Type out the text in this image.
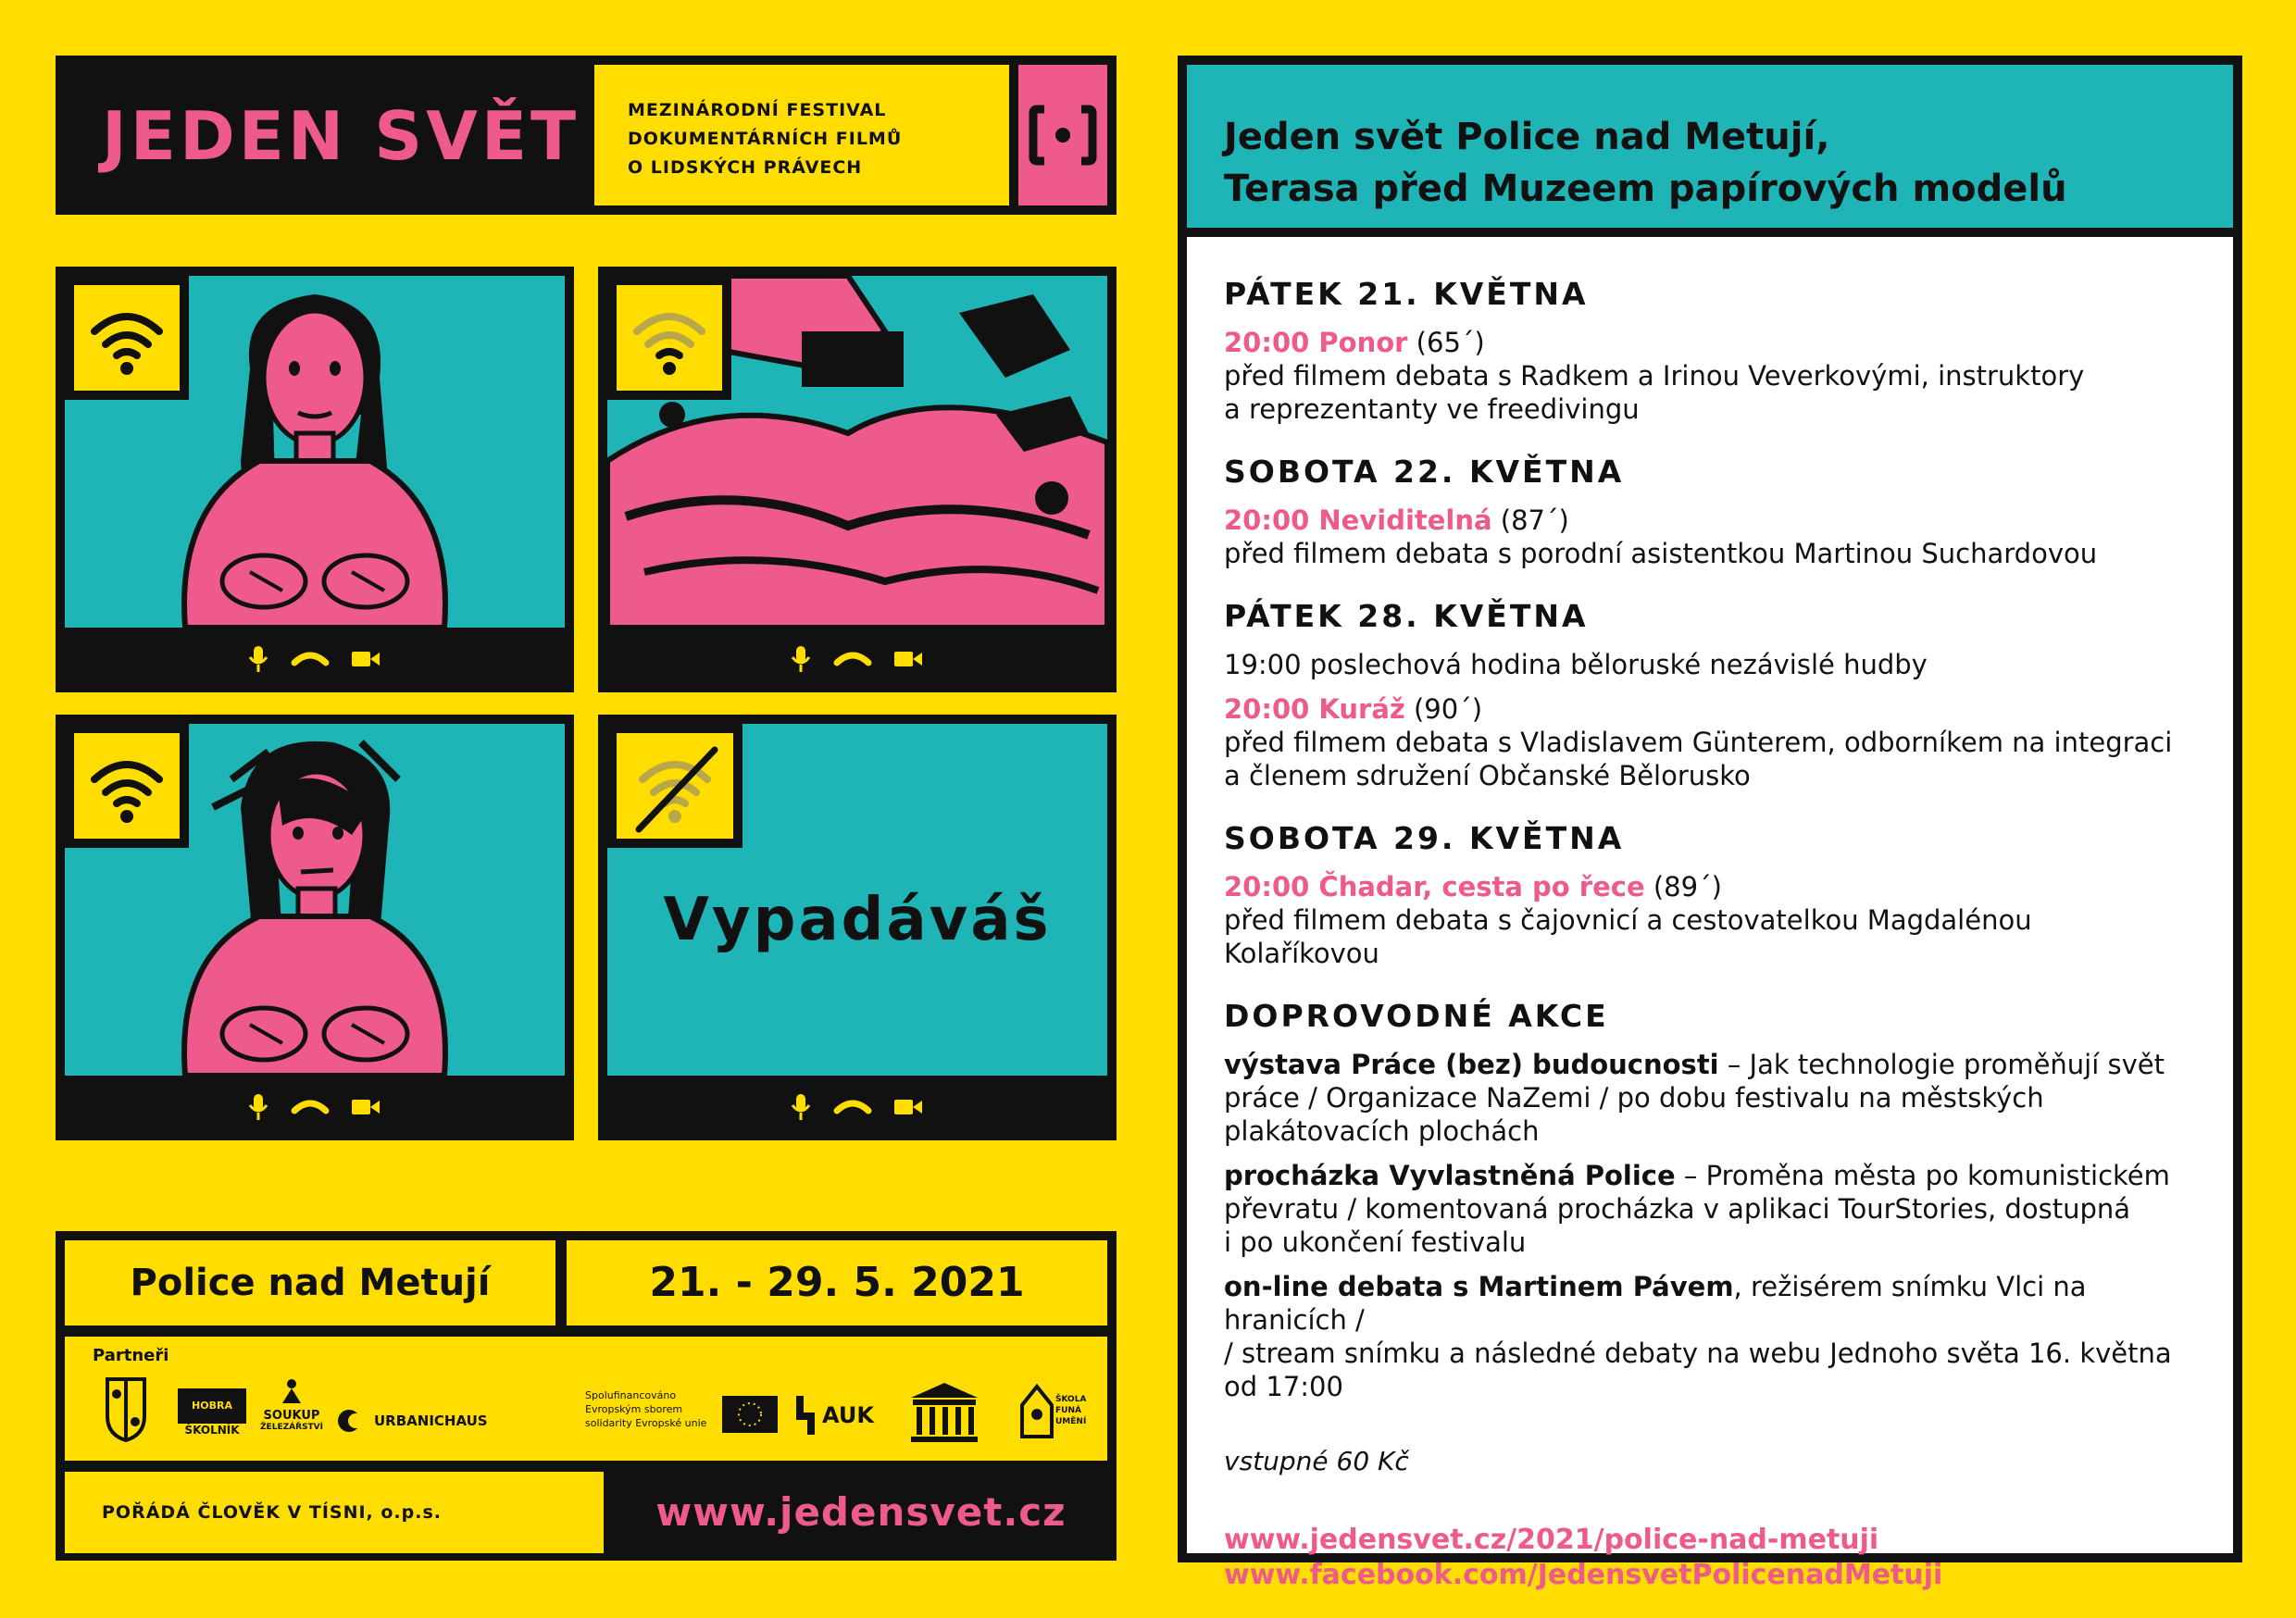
JEDEN SVĚT	MEZINÁRODNÍ FESTIVAL
DOKUMENTÁRNÍCH FILMŮ
O LIDSKÝCH PRÁVECH
Vypadáváš
Police nad Metují	21. - 29. 5. 2021
Partneři
HOBRA
ŠKOLNÍK
SOUKUP
ŽELEZÁŘSTVÍ	URBANICHAUS
Spolufinancováno
Evropským sborem
solidarity Evropské unie	AUK
ŠKOLA FUNÁ UMĚNÍ
POŘÁDÁ ČLOVĚK V TÍSNI, o.p.s.	www.jedensvet.cz
Jeden svět Police nad Metují,
Terasa před Muzeem papírových modelů
PÁTEK 21. KVĚTNA
20:00 Ponor (65´)
před filmem debata s Radkem a Irinou Veverkovými, instruktory
a reprezentanty ve freedivingu
SOBOTA 22. KVĚTNA
20:00 Neviditelná (87´)
před filmem debata s porodní asistentkou Martinou Suchardovou
PÁTEK 28. KVĚTNA
19:00 poslechová hodina běloruské nezávislé hudby
20:00 Kuráž (90´)
před filmem debata s Vladislavem Günterem, odborníkem na integraci
a členem sdružení Občanské Bělorusko
SOBOTA 29. KVĚTNA
20:00 Čhadar, cesta po řece (89´)
před filmem debata s čajovnicí a cestovatelkou Magdalénou
Kolaříkovou
DOPROVODNÉ AKCE
výstava Práce (bez) budoucnosti – Jak technologie proměňují svět
práce / Organizace NaZemi / po dobu festivalu na městských
plakátovacích plochách
procházka Vyvlastněná Police – Proměna města po komunistickém
převratu / komentovaná procházka v aplikaci TourStories, dostupná
i po ukončení festivalu
on-line debata s Martinem Pávem, režisérem snímku Vlci na hranicích /
/ stream snímku a následné debaty na webu Jednoho světa 16. května
od 17:00
vstupné 60 Kč
www.jedensvet.cz/2021/police-nad-metuji
www.facebook.com/JedensvetPolicenadMetuji
